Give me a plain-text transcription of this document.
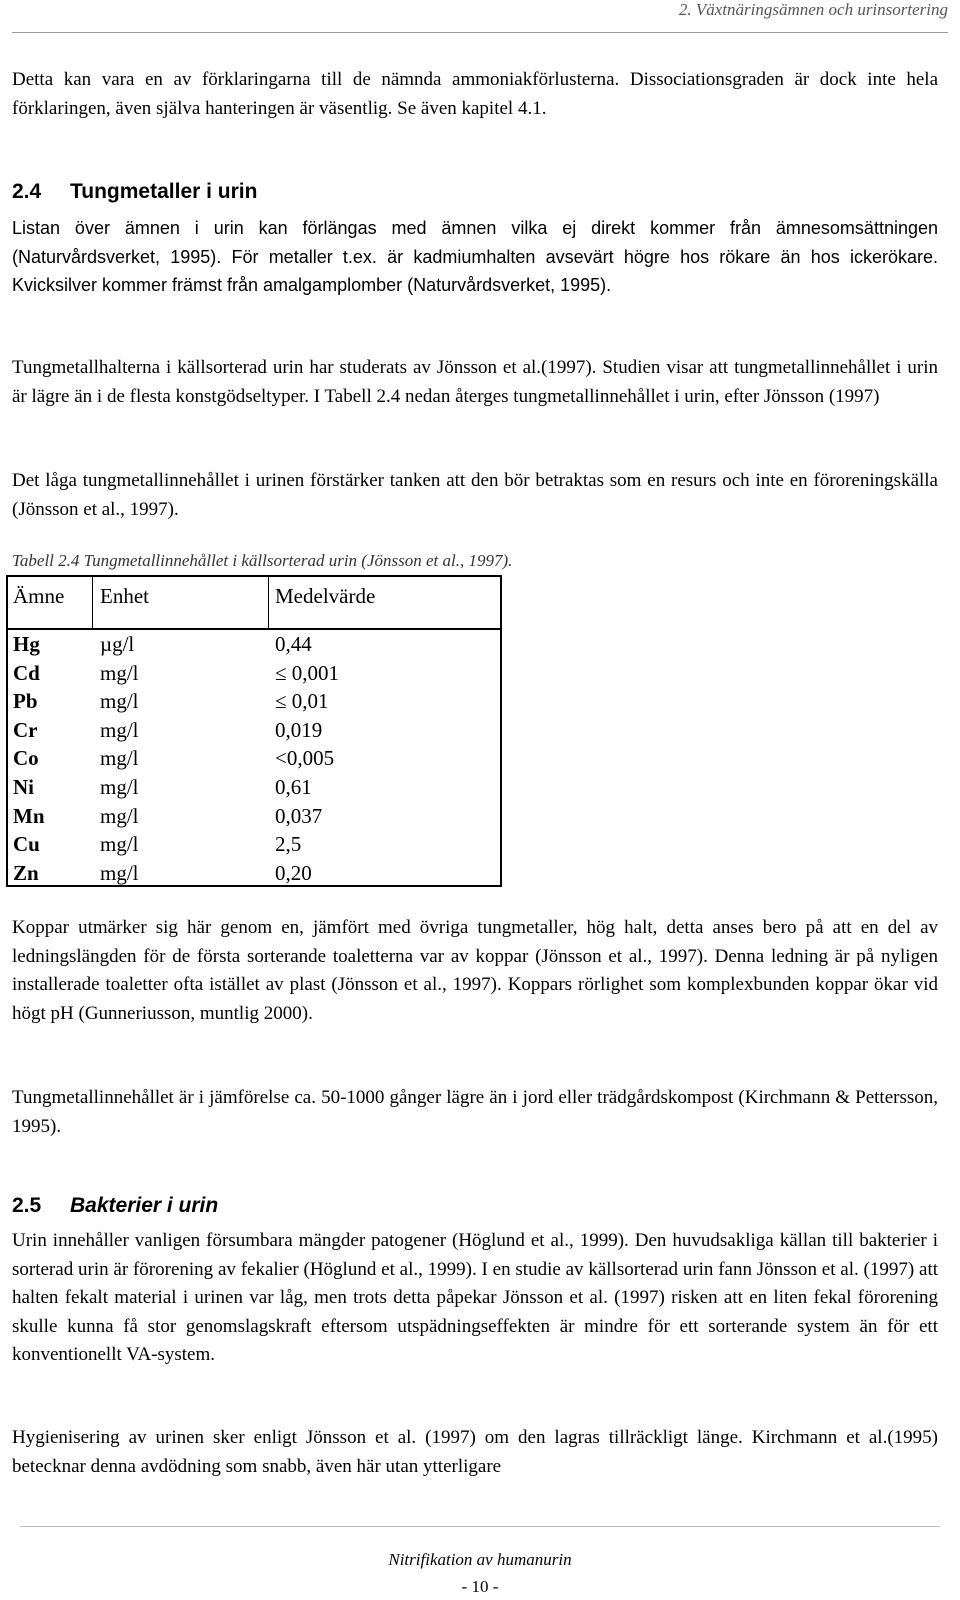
2. Växtnäringsämnen och urinsortering
Detta kan vara en av förklaringarna till de nämnda ammoniakförlusterna. Dissociationsgraden är dock inte hela förklaringen, även själva hanteringen är väsentlig. Se även kapitel 4.1.
2.4 Tungmetaller i urin
Listan över ämnen i urin kan förlängas med ämnen vilka ej direkt kommer från ämnesomsättningen (Naturvårdsverket, 1995). För metaller t.ex. är kadmiumhalten avsevärt högre hos rökare än hos ickerökare. Kvicksilver kommer främst från amalgamplomber (Naturvårdsverket, 1995).
Tungmetallhalterna i källsorterad urin har studerats av Jönsson et al.(1997). Studien visar att tungmetallinnehållet i urin är lägre än i de flesta konstgödseltyper. I Tabell 2.4 nedan återges tungmetallinnehållet i urin, efter Jönsson (1997)
Det låga tungmetallinnehållet i urinen förstärker tanken att den bör betraktas som en resurs och inte en föroreningskälla (Jönsson et al., 1997).
Tabell 2.4 Tungmetallinnehållet i källsorterad urin (Jönsson et al., 1997).
Ämne Enhet	Medelvärde
Hg	µg/l	0,44
Cd	mg/l	≤ 0,001
Pb	mg/l	≤ 0,01
Cr	mg/l	0,019
Co	mg/l	<0,005
Ni	mg/l	0,61
Mn	mg/l	0,037
Cu	mg/l	2,5
Zn	mg/l	0,20
Koppar utmärker sig här genom en, jämfört med övriga tungmetaller, hög halt, detta anses bero på att en del av ledningslängden för de första sorterande toaletterna var av koppar (Jönsson et al., 1997). Denna ledning är på nyligen installerade toaletter ofta istället av plast (Jönsson et al., 1997). Koppars rörlighet som komplexbunden koppar ökar vid högt pH (Gunneriusson, muntlig 2000).
Tungmetallinnehållet är i jämförelse ca. 50-1000 gånger lägre än i jord eller trädgårdskompost (Kirchmann & Pettersson, 1995).
2.5 Bakterier i urin
Urin innehåller vanligen försumbara mängder patogener (Höglund et al., 1999). Den huvudsakliga källan till bakterier i sorterad urin är förorening av fekalier (Höglund et al., 1999). I en studie av källsorterad urin fann Jönsson et al. (1997) att halten fekalt material i urinen var låg, men trots detta påpekar Jönsson et al. (1997) risken att en liten fekal förorening skulle kunna få stor genomslagskraft eftersom utspädningseffekten är mindre för ett sorterande system än för ett konventionellt VA-system.
Hygienisering av urinen sker enligt Jönsson et al. (1997) om den lagras tillräckligt länge. Kirchmann et al.(1995) betecknar denna avdödning som snabb, även här utan ytterligare
Nitrifikation av humanurin
- 10 -
